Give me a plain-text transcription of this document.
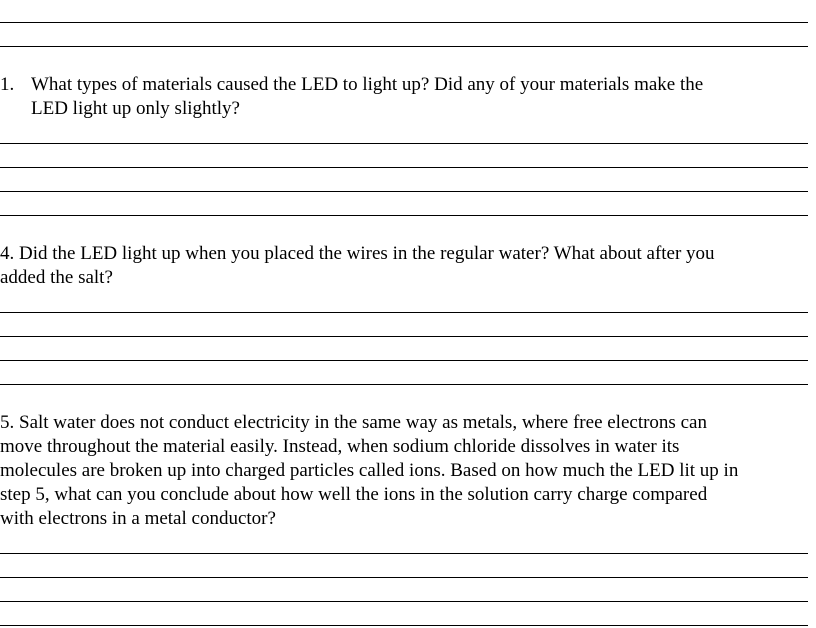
1. What types of materials caused the LED to light up? Did any of your materials make the
LED light up only slightly?

4. Did the LED light up when you placed the wires in the regular water? What about after you
added the salt?

5. Salt water does not conduct electricity in the same way as metals, where free electrons can
move throughout the material easily. Instead, when sodium chloride dissolves in water its
molecules are broken up into charged particles called ions. Based on how much the LED lit up in
step 5, what can you conclude about how well the ions in the solution carry charge compared
with electrons in a metal conductor?
